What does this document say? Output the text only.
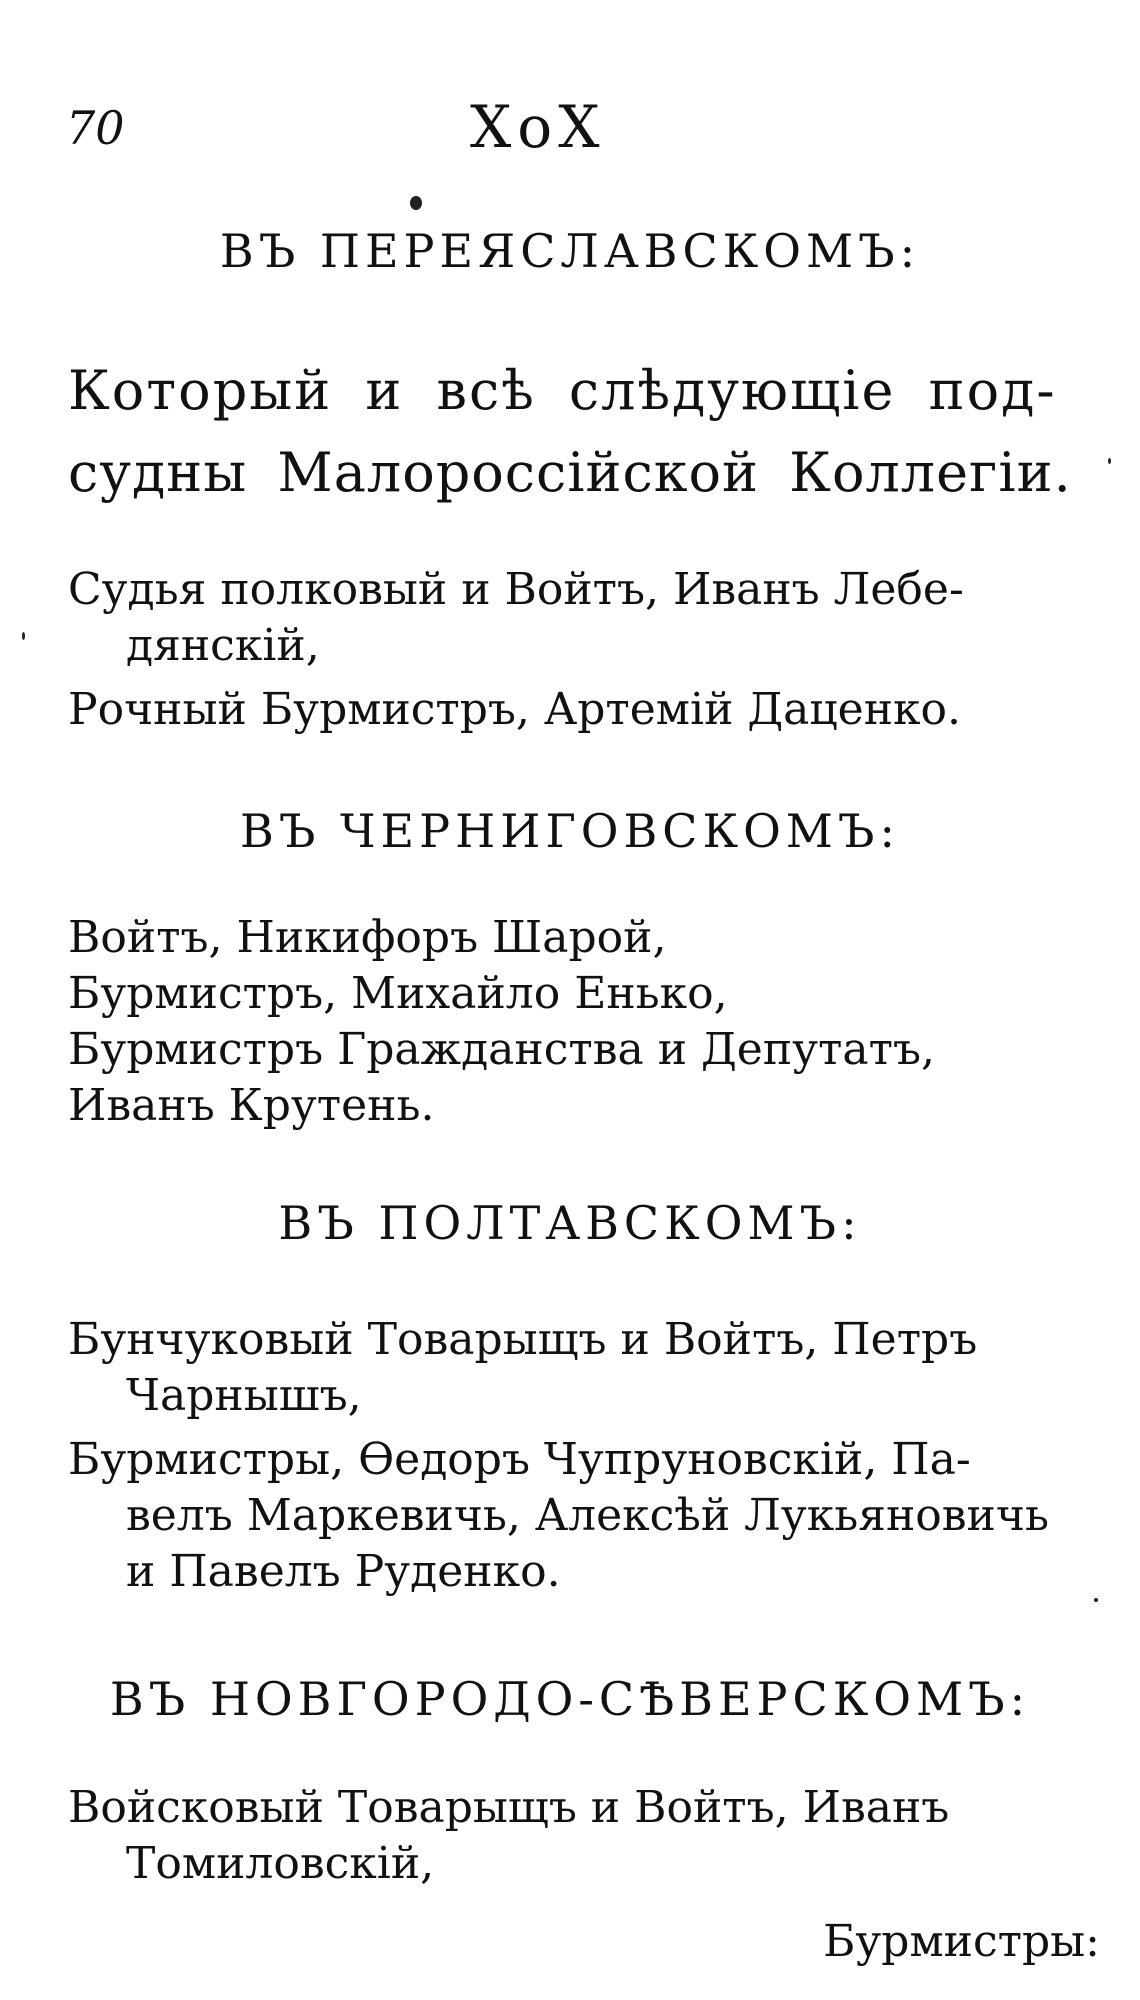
70	XoX
ВЪ ПЕРЕЯСЛАВСКОМЪ:
Который и всѣ слѣдующіе под-
судны Малороссійской Коллегіи.
Судья полковый и Войтъ, Иванъ Лебе-
дянскій,
Рочный Бурмистръ, Артемій Даценко.
ВЪ ЧЕРНИГОВСКОМЪ:
Войтъ, Никифоръ Шарой,
Бурмистръ, Михайло Енько,
Бурмистръ Гражданства и Депутатъ,
Иванъ Крутень.
ВЪ ПОЛТАВСКОМЪ:
Бунчуковый Товарыщъ и Войтъ, Петръ
Чарнышъ,
Бурмистры, Ѳедоръ Чупруновскій, Па-
велъ Маркевичь, Алексѣй Лукьяновичь
и Павелъ Руденко.
ВЪ НОВГОРОДО-СѢВЕРСКОМЪ:
Войсковый Товарыщъ и Войтъ, Иванъ
Томиловскій,
Бурмистры:
